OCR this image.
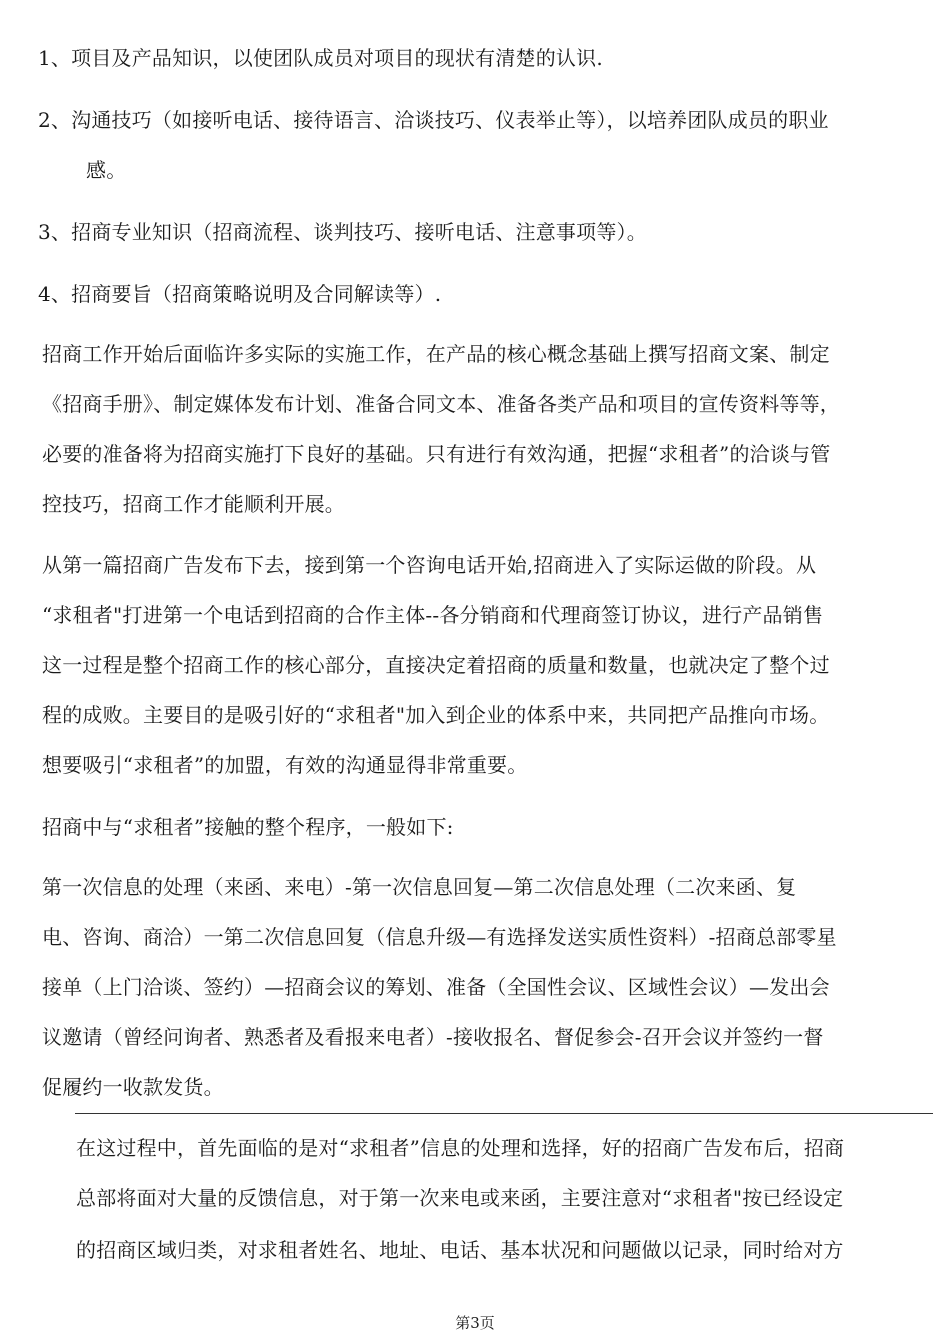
1、项目及产品知识，以使团队成员对项目的现状有清楚的认识.
2、沟通技巧（如接听电话、接待语言、洽谈技巧、仪表举止等），以培养团队成员的职业
感。
3、招商专业知识（招商流程、谈判技巧、接听电话、注意事项等）。
4、招商要旨（招商策略说明及合同解读等）.
招商工作开始后面临许多实际的实施工作，在产品的核心概念基础上撰写招商文案、制定
《招商手册》、制定媒体发布计划、准备合同文本、准备各类产品和项目的宣传资料等等，
必要的准备将为招商实施打下良好的基础。只有进行有效沟通，把握“求租者”的洽谈与管
控技巧，招商工作才能顺利开展。
从第一篇招商广告发布下去，接到第一个咨询电话开始,招商进入了实际运做的阶段。从
“求租者"打进第一个电话到招商的合作主体--各分销商和代理商签订协议，进行产品销售
这一过程是整个招商工作的核心部分，直接决定着招商的质量和数量，也就决定了整个过
程的成败。主要目的是吸引好的“求租者"加入到企业的体系中来，共同把产品推向市场。
想要吸引“求租者”的加盟，有效的沟通显得非常重要。
招商中与“求租者”接触的整个程序，一般如下:
第一次信息的处理（来函、来电）-第一次信息回复—第二次信息处理（二次来函、复
电、咨询、商洽）一第二次信息回复（信息升级—有选择发送实质性资料）-招商总部零星
接单（上门洽谈、签约）—招商会议的筹划、准备（全国性会议、区域性会议）—发出会
议邀请（曾经问询者、熟悉者及看报来电者）-接收报名、督促参会-召开会议并签约一督
促履约一收款发货。
在这过程中，首先面临的是对“求租者”信息的处理和选择，好的招商广告发布后，招商
总部将面对大量的反馈信息，对于第一次来电或来函，主要注意对“求租者"按已经设定
的招商区域归类，对求租者姓名、地址、电话、基本状况和问题做以记录，同时给对方
第3页
